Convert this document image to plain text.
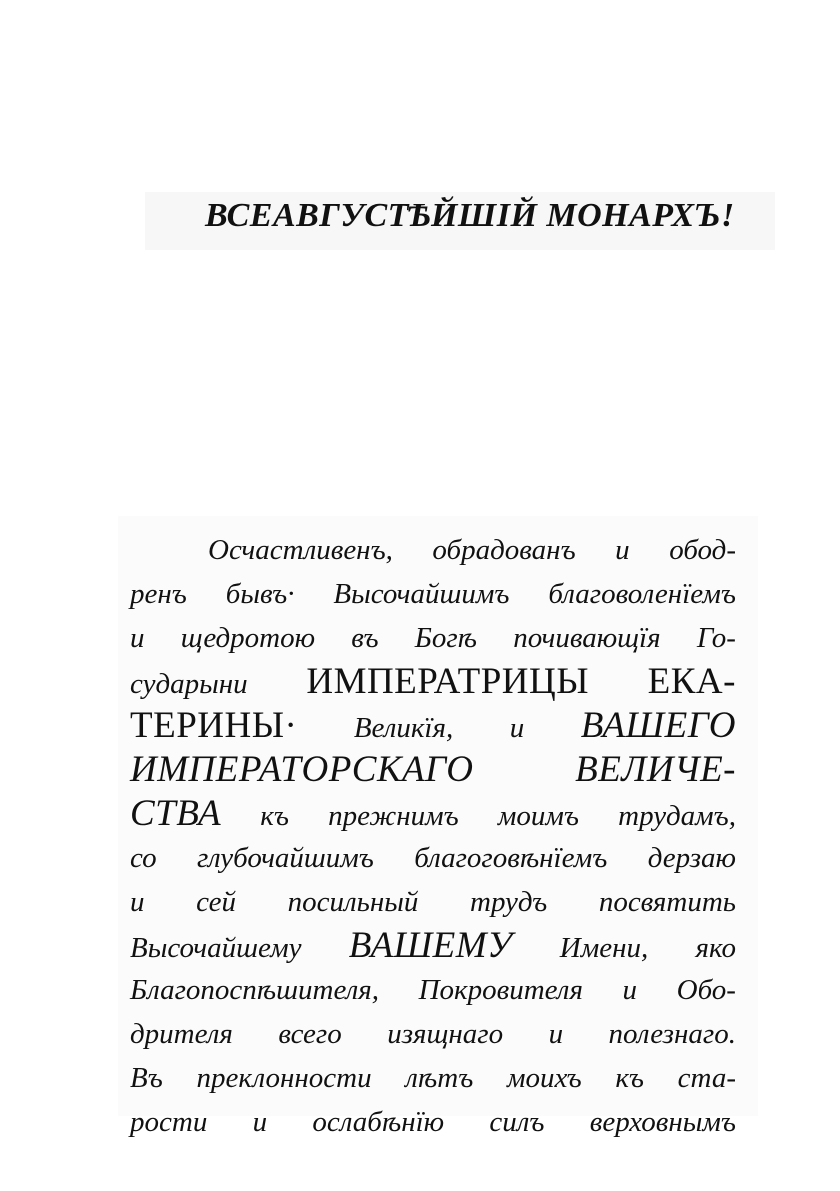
ВСЕАВГУСТѢЙШІЙ МОНАРХЪ!
Осчастливенъ, обрадованъ и обод-
ренъ бывъ· Высочайшимъ благоволенїемъ
и щедротою въ Богѣ почивающїя Го-
сударыни ИМПЕРАТРИЦЫ ЕКА-
ТЕРИНЫ· Великїя, и ВАШЕГО
ИМПЕРАТОРСКАГО	ВЕЛИЧЕ-
СТВА къ прежнимъ моимъ трудамъ,
со глубочайшимъ благоговѣнїемъ дерзаю
и сей посильный трудъ посвятить
Высочайшему ВАШЕМУ Имени, яко
Благопоспѣшителя, Покровителя и Обо-
дрителя всего изящнаго и полезнаго.
Въ преклонности лѣтъ моихъ къ ста-
рости и ослабѣнїю силъ верховнымъ
